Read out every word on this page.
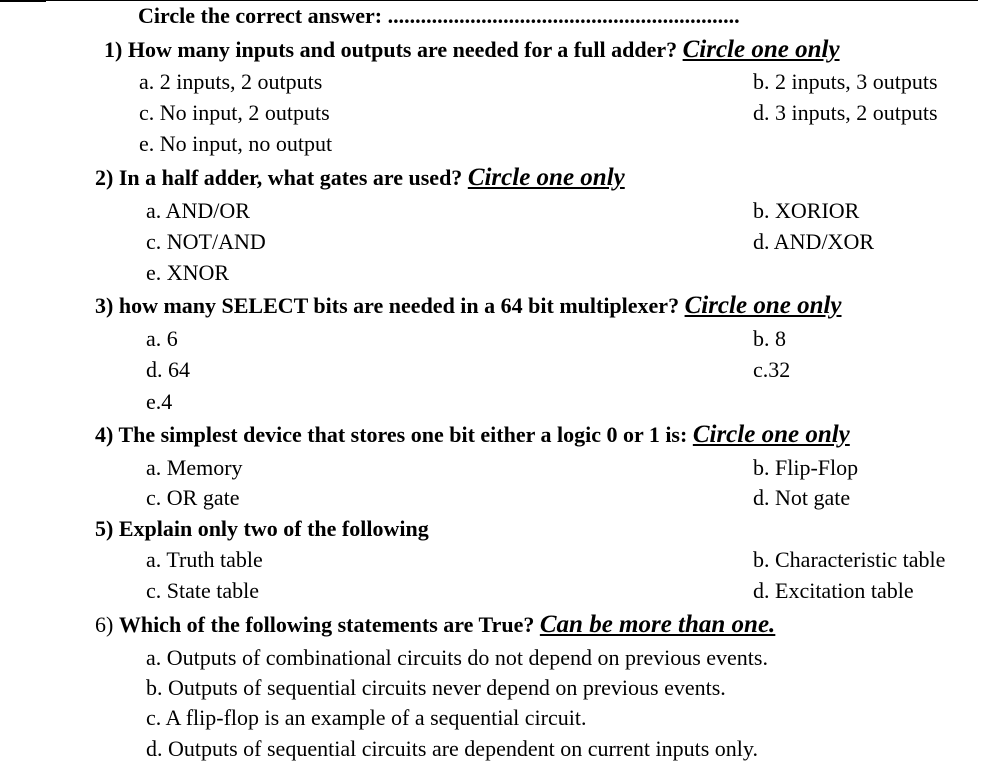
Circle the correct answer: ................................................................
1) How many inputs and outputs are needed for a full adder? Circle one only
a. 2 inputs, 2 outputs	b. 2 inputs, 3 outputs
c. No input, 2 outputs	d. 3 inputs, 2 outputs
e. No input, no output
2) In a half adder, what gates are used? Circle one only
a. AND/OR	b. XORIOR
c. NOT/AND	d. AND/XOR
e. XNOR
3) how many SELECT bits are needed in a 64 bit multiplexer? Circle one only
a. 6	b. 8
d. 64	c.32
e.4
4) The simplest device that stores one bit either a logic 0 or 1 is: Circle one only
a. Memory	b. Flip-Flop
c. OR gate	d. Not gate
5) Explain only two of the following
a. Truth table	b. Characteristic table
c. State table	d. Excitation table
6) Which of the following statements are True? Can be more than one.
a. Outputs of combinational circuits do not depend on previous events.
b. Outputs of sequential circuits never depend on previous events.
c. A flip-flop is an example of a sequential circuit.
d. Outputs of sequential circuits are dependent on current inputs only.
